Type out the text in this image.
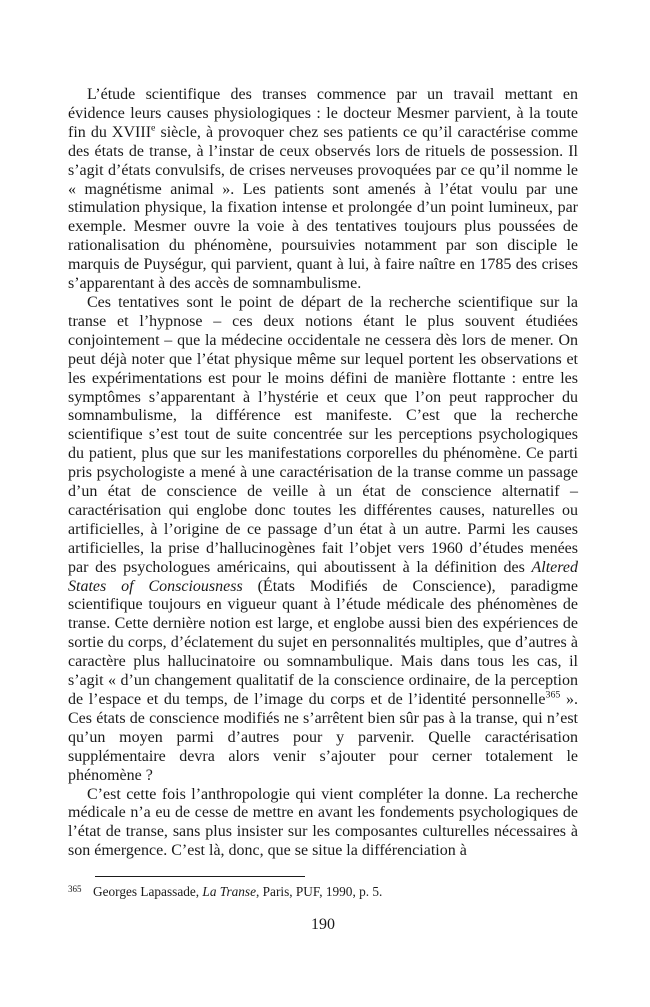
L’étude scientifique des transes commence par un travail mettant en évidence leurs causes physiologiques : le docteur Mesmer parvient, à la toute fin du XVIIIe siècle, à provoquer chez ses patients ce qu’il caractérise comme des états de transe, à l’instar de ceux observés lors de rituels de possession. Il s’agit d’états convulsifs, de crises nerveuses provoquées par ce qu’il nomme le « magnétisme animal ». Les patients sont amenés à l’état voulu par une stimulation physique, la fixation intense et prolongée d’un point lumineux, par exemple. Mesmer ouvre la voie à des tentatives toujours plus poussées de rationalisation du phénomène, poursuivies notamment par son disciple le marquis de Puységur, qui parvient, quant à lui, à faire naître en 1785 des crises s’apparentant à des accès de somnambulisme.

Ces tentatives sont le point de départ de la recherche scientifique sur la transe et l’hypnose – ces deux notions étant le plus souvent étudiées conjointement – que la médecine occidentale ne cessera dès lors de mener. On peut déjà noter que l’état physique même sur lequel portent les observations et les expérimentations est pour le moins défini de manière flottante : entre les symptômes s’apparentant à l’hystérie et ceux que l’on peut rapprocher du somnambulisme, la différence est manifeste. C’est que la recherche scientifique s’est tout de suite concentrée sur les perceptions psychologiques du patient, plus que sur les manifestations corporelles du phénomène. Ce parti pris psychologiste a mené à une caractérisation de la transe comme un passage d’un état de conscience de veille à un état de conscience alternatif – caractérisation qui englobe donc toutes les différentes causes, naturelles ou artificielles, à l’origine de ce passage d’un état à un autre. Parmi les causes artificielles, la prise d’hallucinogènes fait l’objet vers 1960 d’études menées par des psychologues américains, qui aboutissent à la définition des Altered States of Consciousness (États Modifiés de Conscience), paradigme scientifique toujours en vigueur quant à l’étude médicale des phénomènes de transe. Cette dernière notion est large, et englobe aussi bien des expériences de sortie du corps, d’éclatement du sujet en personnalités multiples, que d’autres à caractère plus hallucinatoire ou somnambulique. Mais dans tous les cas, il s’agit « d’un changement qualitatif de la conscience ordinaire, de la perception de l’espace et du temps, de l’image du corps et de l’identité personnelle$^{365}$ ». Ces états de conscience modifiés ne s’arrêtent bien sûr pas à la transe, qui n’est qu’un moyen parmi d’autres pour y parvenir. Quelle caractérisation supplémentaire devra alors venir s’ajouter pour cerner totalement le phénomène ?

C’est cette fois l’anthropologie qui vient compléter la donne. La recherche médicale n’a eu de cesse de mettre en avant les fondements psychologiques de l’état de transe, sans plus insister sur les composantes culturelles nécessaires à son émergence. C’est là, donc, que se situe la différenciation à

365 Georges Lapassade, La Transe, Paris, PUF, 1990, p. 5.
190
